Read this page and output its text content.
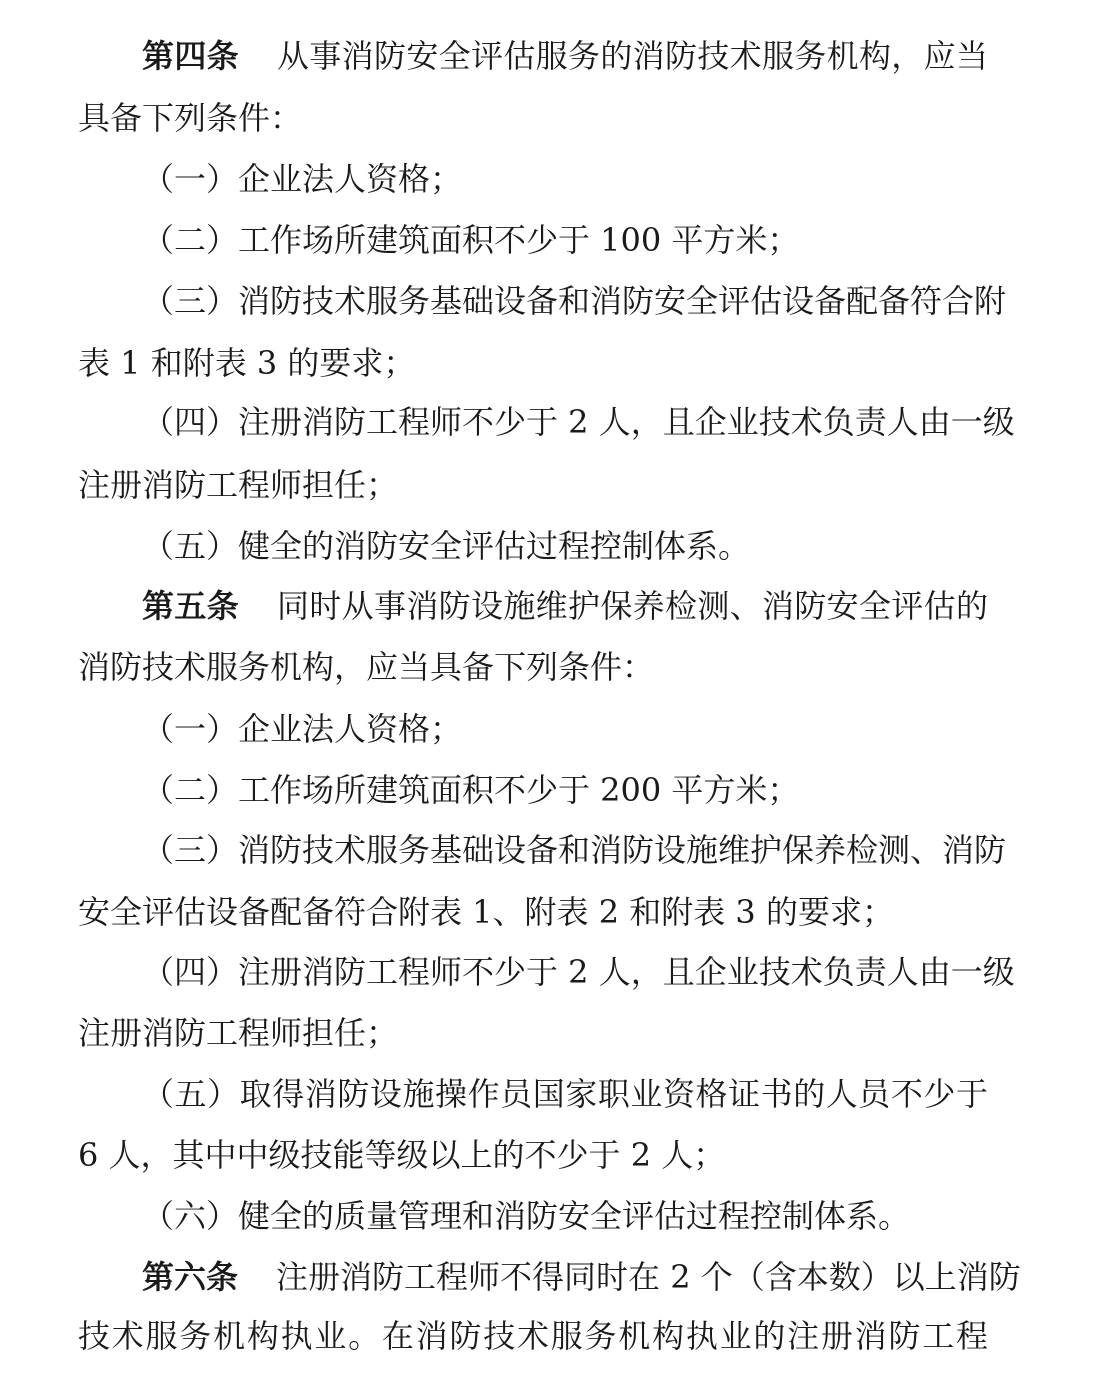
第四条 从事消防安全评估服务的消防技术服务机构，应当
具备下列条件：
（一）企业法人资格；
（二）工作场所建筑面积不少于 100 平方米；
（三）消防技术服务基础设备和消防安全评估设备配备符合附
表 1 和附表 3 的要求；
（四）注册消防工程师不少于 2 人，且企业技术负责人由一级
注册消防工程师担任；
（五）健全的消防安全评估过程控制体系。
第五条 同时从事消防设施维护保养检测、消防安全评估的
消防技术服务机构，应当具备下列条件：
（一）企业法人资格；
（二）工作场所建筑面积不少于 200 平方米；
（三）消防技术服务基础设备和消防设施维护保养检测、消防
安全评估设备配备符合附表 1、附表 2 和附表 3 的要求；
（四）注册消防工程师不少于 2 人，且企业技术负责人由一级
注册消防工程师担任；
（五）取得消防设施操作员国家职业资格证书的人员不少于
6 人，其中中级技能等级以上的不少于 2 人；
（六）健全的质量管理和消防安全评估过程控制体系。
第六条 注册消防工程师不得同时在 2 个（含本数）以上消防
技术服务机构执业。在消防技术服务机构执业的注册消防工程
